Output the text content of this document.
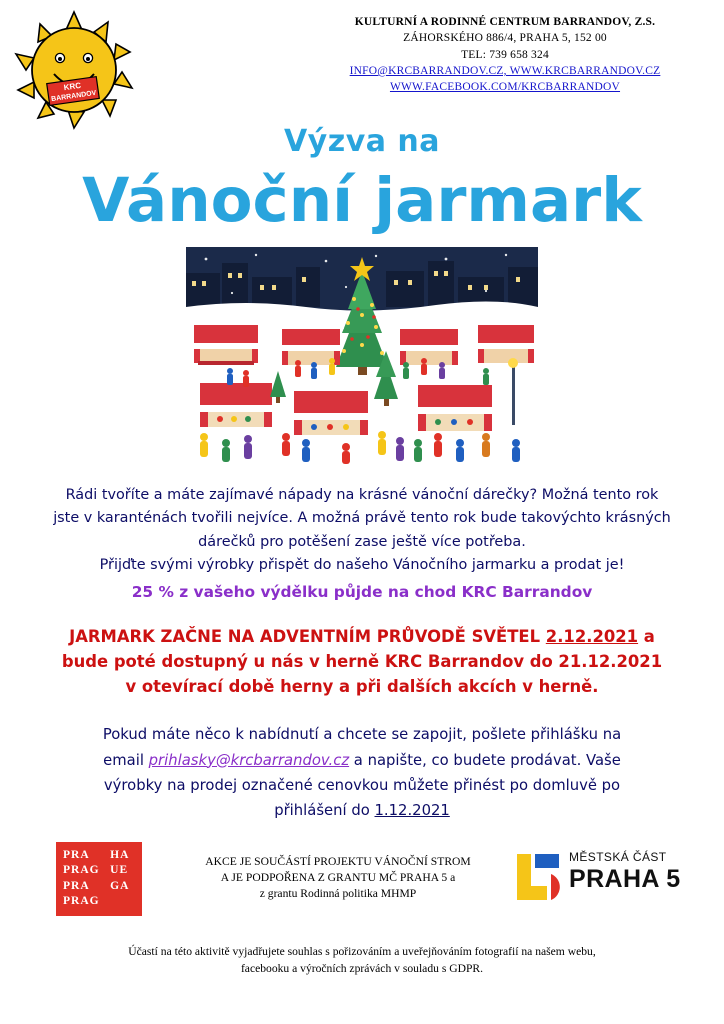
KRC
BARRANDOV
KULTURNÍ A RODINNÉ CENTRUM BARRANDOV, Z.S.
ZÁHORSKÉHO 886/4, PRAHA 5, 152 00
TEL: 739 658 324
INFO@KRCBARRANDOV.CZ, WWW.KRCBARRANDOV.CZ
WWW.FACEBOOK.COM/KRCBARRANDOV
Výzva na
Vánoční jarmark
Rádi tvoříte a máte zajímavé nápady na krásné vánoční dárečky? Možná tento rok
jste v karanténách tvořili nejvíce. A možná právě tento rok bude takovýchto krásných
dárečků pro potěšení zase ještě více potřeba.
Přijďte svými výrobky přispět do našeho Vánočního jarmarku a prodat je!
25 % z vašeho výdělku půjde na chod KRC Barrandov
JARMARK ZAČNE NA ADVENTNÍM PRŮVODĚ SVĚTEL 2.12.2021 a
bude poté dostupný u nás v herně KRC Barrandov do 21.12.2021
v otevírací době herny a při dalších akcích v herně.
Pokud máte něco k nabídnutí a chcete se zapojit, pošlete přihlášku na
email prihlasky@krcbarrandov.cz a napište, co budete prodávat. Vaše
výrobky na prodej označené cenovkou můžete přinést po domluvě po
přihlášení do 1.12.2021
PRA	HA
PRAG	UE
PRA	GA
PRAG	
AKCE JE SOUČÁSTÍ PROJEKTU VÁNOČNÍ STROM
A JE PODPOŘENA Z GRANTU MČ PRAHA 5 a
z grantu Rodinná politika MHMP
MĚSTSKÁ ČÁST
PRAHA 5
Účastí na této aktivitě vyjadřujete souhlas s pořizováním a uveřejňováním fotografií na našem webu,
facebooku a výročních zprávách v souladu s GDPR.
